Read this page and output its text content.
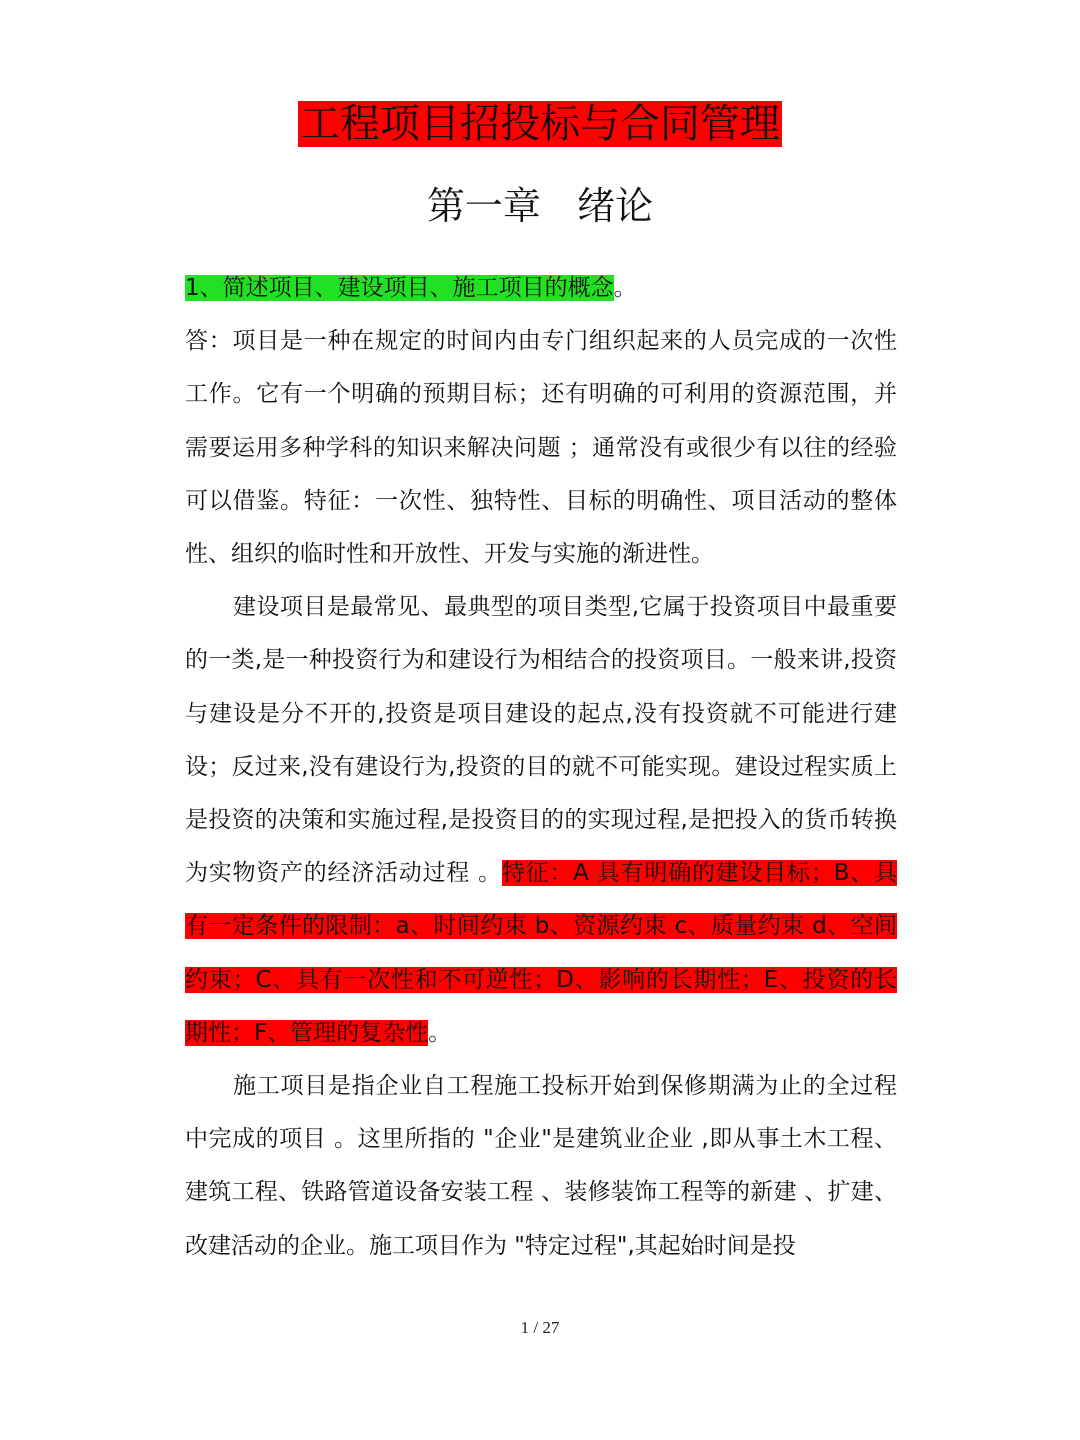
工程项目招投标与合同管理
第一章   绪论

1、简述项目、建设项目、施工项目的概念。

答：项目是一种在规定的时间内由专门组织起来的人员完成的一次性工作。它有一个明确的预期目标；还有明确的可利用的资源范围，并需要运用多种学科的知识来解决问题 ；通常没有或很少有以往的经验可以借鉴。特征：一次性、独特性、目标的明确性、项目活动的整体性、组织的临时性和开放性、开发与实施的渐进性。

建设项目是最常见、最典型的项目类型,它属于投资项目中最重要的一类,是一种投资行为和建设行为相结合的投资项目。一般来讲,投资与建设是分不开的,投资是项目建设的起点,没有投资就不可能进行建设；反过来,没有建设行为,投资的目的就不可能实现。建设过程实质上是投资的决策和实施过程,是投资目的的实现过程,是把投入的货币转换为实物资产的经济活动过程 。特征：A 具有明确的建设目标；B、具有一定条件的限制：a、时间约束 b、资源约束 c、质量约束 d、空间约束；C、具有一次性和不可逆性；D、影响的长期性；E、投资的长期性；F、管理的复杂性。

施工项目是指企业自工程施工投标开始到保修期满为止的全过程中完成的项目 。这里所指的 "企业"是建筑业企业 ,即从事土木工程、建筑工程、铁路管道设备安装工程 、装修装饰工程等的新建 、扩建、改建活动的企业。施工项目作为 "特定过程",其起始时间是投

1 / 27
